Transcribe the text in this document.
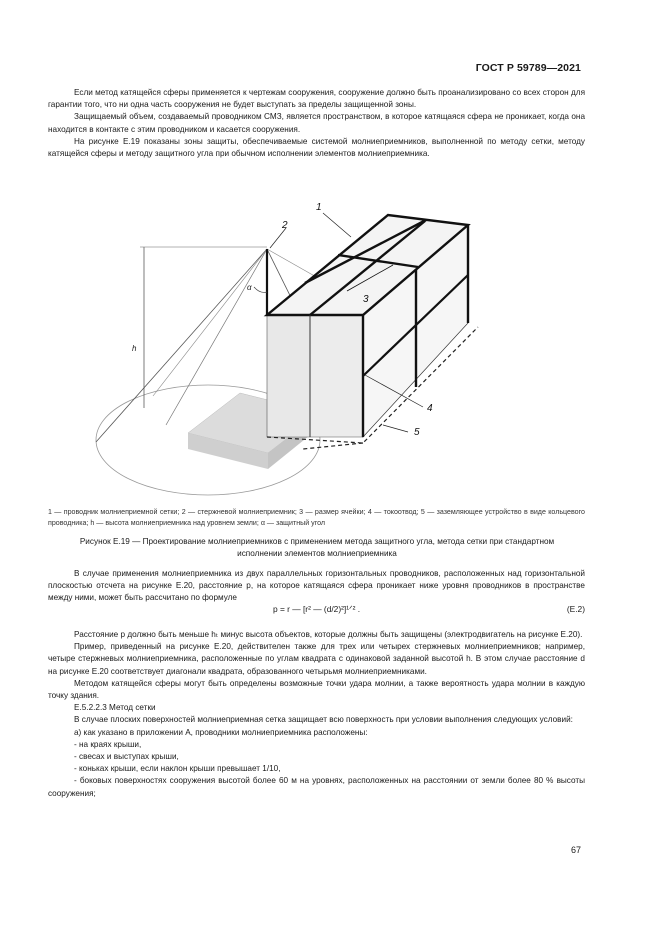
ГОСТ Р 59789—2021

Если метод катящейся сферы применяется к чертежам сооружения, сооружение должно быть проанализировано со всех сторон для гарантии того, что ни одна часть сооружения не будет выступать за пределы защищенной зоны.

Защищаемый объем, создаваемый проводником СМЗ, является пространством, в которое катящаяся сфера не проникает, когда она находится в контакте с этим проводником и касается сооружения.

На рисунке Е.19 показаны зоны защиты, обеспечиваемые системой молниеприемников, выполненной по методу сетки, методу катящейся сферы и методу защитного угла при обычном исполнении элементов молниеприемника.

h
α
1
2
3
4
5
1 — проводник молниеприемной сетки; 2 — стержневой молниеприемник; 3 — размер ячейки; 4 — токоотвод; 5 — заземляющее устройство в виде кольцевого проводника; h — высота молниеприемника над уровнем земли; α — защитный угол
Рисунок Е.19 — Проектирование молниеприемников с применением метода защитного угла, метода сетки при стандартном исполнении элементов молниеприемника

В случае применения молниеприемника из двух параллельных горизонтальных проводников, расположенных над горизонтальной плоскостью отсчета на рисунке Е.20, расстояние p, на которое катящаяся сфера проникает ниже уровня проводников в пространстве между ними, может быть рассчитано по формуле

p = r — [r² — (d/2)²]¹ᐟ² .	(Е.2)

Расстояние p должно быть меньше hₜ минус высота объектов, которые должны быть защищены (электродвигатель на рисунке Е.20).

Пример, приведенный на рисунке Е.20, действителен также для трех или четырех стержневых молниеприемников; например, четыре стержневых молниеприемника, расположенные по углам квадрата с одинаковой заданной высотой h. В этом случае расстояние d на рисунке Е.20 соответствует диагонали квадрата, образованного четырьмя молниеприемниками.

Методом катящейся сферы могут быть определены возможные точки удара молнии, а также вероятность удара молнии в каждую точку здания.

Е.5.2.2.3 Метод сетки

В случае плоских поверхностей молниеприемная сетка защищает всю поверхность при условии выполнения следующих условий:

а) как указано в приложении А, проводники молниеприемника расположены:

- на краях крыши,

- свесах и выступах крыши,

- коньках крыши, если наклон крыши превышает 1/10,

- боковых поверхностях сооружения высотой более 60 м на уровнях, расположенных на расстоянии от земли более 80 % высоты сооружения;

67
